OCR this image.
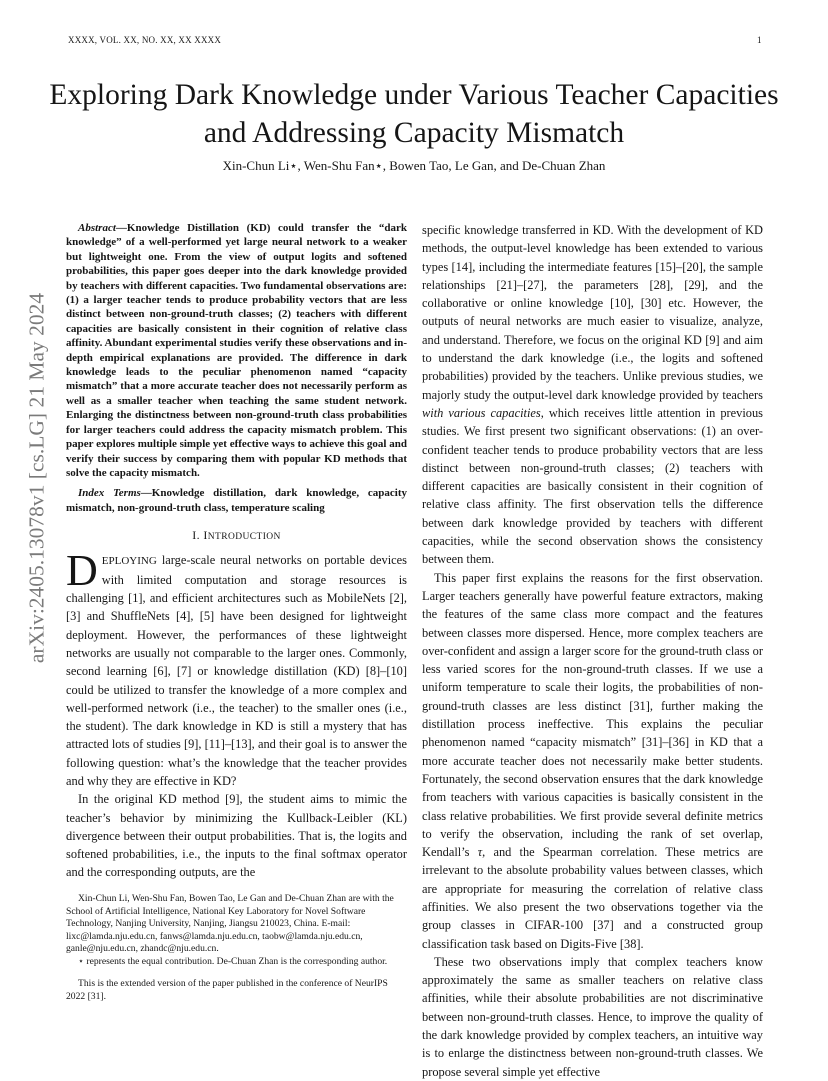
XXXX, VOL. XX, NO. XX, XX XXXX	1
Exploring Dark Knowledge under Various Teacher Capacities and Addressing Capacity Mismatch
Xin-Chun Li⋆, Wen-Shu Fan⋆, Bowen Tao, Le Gan, and De-Chuan Zhan
arXiv:2405.13078v1 [cs.LG] 21 May 2024

Abstract—Knowledge Distillation (KD) could transfer the “dark knowledge” of a well-performed yet large neural network to a weaker but lightweight one. From the view of output logits and softened probabilities, this paper goes deeper into the dark knowledge provided by teachers with different capacities. Two fundamental observations are: (1) a larger teacher tends to produce probability vectors that are less distinct between non-ground-truth classes; (2) teachers with different capacities are basically consistent in their cognition of relative class affinity. Abundant experimental studies verify these observations and in-depth empirical explanations are provided. The difference in dark knowledge leads to the peculiar phenomenon named “capacity mismatch” that a more accurate teacher does not necessarily perform as well as a smaller teacher when teaching the same student network. Enlarging the distinctness between non-ground-truth class probabilities for larger teachers could address the capacity mismatch problem. This paper explores multiple simple yet effective ways to achieve this goal and verify their success by comparing them with popular KD methods that solve the capacity mismatch.

Index Terms—Knowledge distillation, dark knowledge, capacity mismatch, non-ground-truth class, temperature scaling

I. INTRODUCTION

DEPLOYING large-scale neural networks on portable devices with limited computation and storage resources is challenging [1], and efficient architectures such as MobileNets [2], [3] and ShuffleNets [4], [5] have been designed for lightweight deployment. However, the performances of these lightweight networks are usually not comparable to the larger ones. Commonly, second learning [6], [7] or knowledge distillation (KD) [8]–[10] could be utilized to transfer the knowledge of a more complex and well-performed network (i.e., the teacher) to the smaller ones (i.e., the student). The dark knowledge in KD is still a mystery that has attracted lots of studies [9], [11]–[13], and their goal is to answer the following question: what’s the knowledge that the teacher provides and why they are effective in KD?

In the original KD method [9], the student aims to mimic the teacher’s behavior by minimizing the Kullback-Leibler (KL) divergence between their output probabilities. That is, the logits and softened probabilities, i.e., the inputs to the final softmax operator and the corresponding outputs, are the

Xin-Chun Li, Wen-Shu Fan, Bowen Tao, Le Gan and De-Chuan Zhan are with the School of Artificial Intelligence, National Key Laboratory for Novel Software Technology, Nanjing University, Nanjing, Jiangsu 210023, China. E-mail: lixc@lamda.nju.edu.cn, fanws@lamda.nju.edu.cn, taobw@lamda.nju.edu.cn, ganle@nju.edu.cn, zhandc@nju.edu.cn.

⋆ represents the equal contribution. De-Chuan Zhan is the corresponding author.

This is the extended version of the paper published in the conference of NeurIPS 2022 [31].

specific knowledge transferred in KD. With the development of KD methods, the output-level knowledge has been extended to various types [14], including the intermediate features [15]–[20], the sample relationships [21]–[27], the parameters [28], [29], and the collaborative or online knowledge [10], [30] etc. However, the outputs of neural networks are much easier to visualize, analyze, and understand. Therefore, we focus on the original KD [9] and aim to understand the dark knowledge (i.e., the logits and softened probabilities) provided by the teachers. Unlike previous studies, we majorly study the output-level dark knowledge provided by teachers with various capacities, which receives little attention in previous studies. We first present two significant observations: (1) an over-confident teacher tends to produce probability vectors that are less distinct between non-ground-truth classes; (2) teachers with different capacities are basically consistent in their cognition of relative class affinity. The first observation tells the difference between dark knowledge provided by teachers with different capacities, while the second observation shows the consistency between them.

This paper first explains the reasons for the first observation. Larger teachers generally have powerful feature extractors, making the features of the same class more compact and the features between classes more dispersed. Hence, more complex teachers are over-confident and assign a larger score for the ground-truth class or less varied scores for the non-ground-truth classes. If we use a uniform temperature to scale their logits, the probabilities of non-ground-truth classes are less distinct [31], further making the distillation process ineffective. This explains the peculiar phenomenon named “capacity mismatch” [31]–[36] in KD that a more accurate teacher does not necessarily make better students. Fortunately, the second observation ensures that the dark knowledge from teachers with various capacities is basically consistent in the class relative probabilities. We first provide several definite metrics to verify the observation, including the rank of set overlap, Kendall’s τ, and the Spearman correlation. These metrics are irrelevant to the absolute probability values between classes, which are appropriate for measuring the correlation of relative class affinities. We also present the two observations together via the group classes in CIFAR-100 [37] and a constructed group classification task based on Digits-Five [38].

These two observations imply that complex teachers know approximately the same as smaller teachers on relative class affinities, while their absolute probabilities are not discriminative between non-ground-truth classes. Hence, to improve the quality of the dark knowledge provided by complex teachers, an intuitive way is to enlarge the distinctness between non-ground-truth classes. We propose several simple yet effective
